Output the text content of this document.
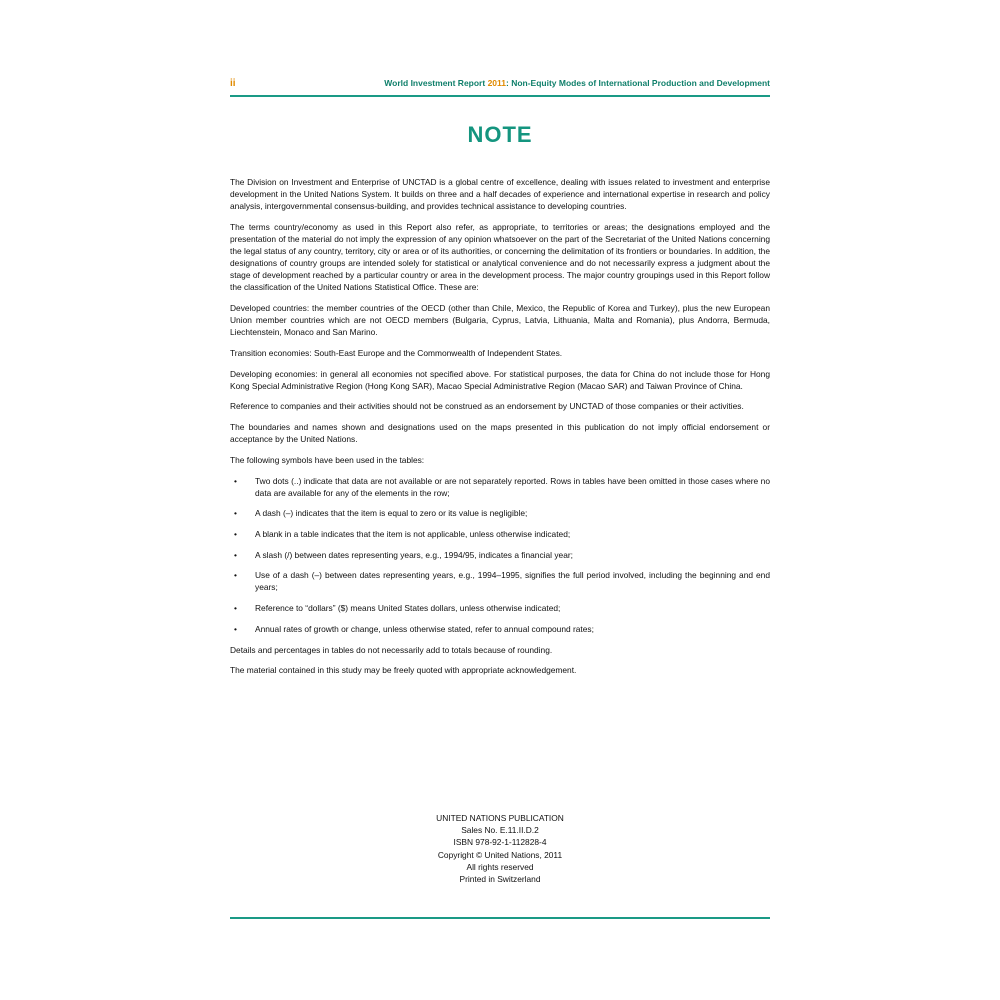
ii	World Investment Report 2011: Non-Equity Modes of International Production and Development
NOTE

The Division on Investment and Enterprise of UNCTAD is a global centre of excellence, dealing with issues related to investment and enterprise development in the United Nations System. It builds on three and a half decades of experience and international expertise in research and policy analysis, intergovernmental consensus-building, and provides technical assistance to developing countries.

The terms country/economy as used in this Report also refer, as appropriate, to territories or areas; the designations employed and the presentation of the material do not imply the expression of any opinion whatsoever on the part of the Secretariat of the United Nations concerning the legal status of any country, territory, city or area or of its authorities, or concerning the delimitation of its frontiers or boundaries. In addition, the designations of country groups are intended solely for statistical or analytical convenience and do not necessarily express a judgment about the stage of development reached by a particular country or area in the development process. The major country groupings used in this Report follow the classification of the United Nations Statistical Office. These are:

Developed countries: the member countries of the OECD (other than Chile, Mexico, the Republic of Korea and Turkey), plus the new European Union member countries which are not OECD members (Bulgaria, Cyprus, Latvia, Lithuania, Malta and Romania), plus Andorra, Bermuda, Liechtenstein, Monaco and San Marino.

Transition economies: South-East Europe and the Commonwealth of Independent States.

Developing economies: in general all economies not specified above. For statistical purposes, the data for China do not include those for Hong Kong Special Administrative Region (Hong Kong SAR), Macao Special Administrative Region (Macao SAR) and Taiwan Province of China.

Reference to companies and their activities should not be construed as an endorsement by UNCTAD of those companies or their activities.

The boundaries and names shown and designations used on the maps presented in this publication do not imply official endorsement or acceptance by the United Nations.

The following symbols have been used in the tables:

• Two dots (..) indicate that data are not available or are not separately reported. Rows in tables have been omitted in those cases where no data are available for any of the elements in the row;
• A dash (–) indicates that the item is equal to zero or its value is negligible;
• A blank in a table indicates that the item is not applicable, unless otherwise indicated;
• A slash (/) between dates representing years, e.g., 1994/95, indicates a financial year;
• Use of a dash (–) between dates representing years, e.g., 1994–1995, signifies the full period involved, including the beginning and end years;
• Reference to “dollars” ($) means United States dollars, unless otherwise indicated;
• Annual rates of growth or change, unless otherwise stated, refer to annual compound rates;

Details and percentages in tables do not necessarily add to totals because of rounding.

The material contained in this study may be freely quoted with appropriate acknowledgement.

UNITED NATIONS PUBLICATION
Sales No. E.11.II.D.2
ISBN 978-92-1-112828-4
Copyright © United Nations, 2011
All rights reserved
Printed in Switzerland
